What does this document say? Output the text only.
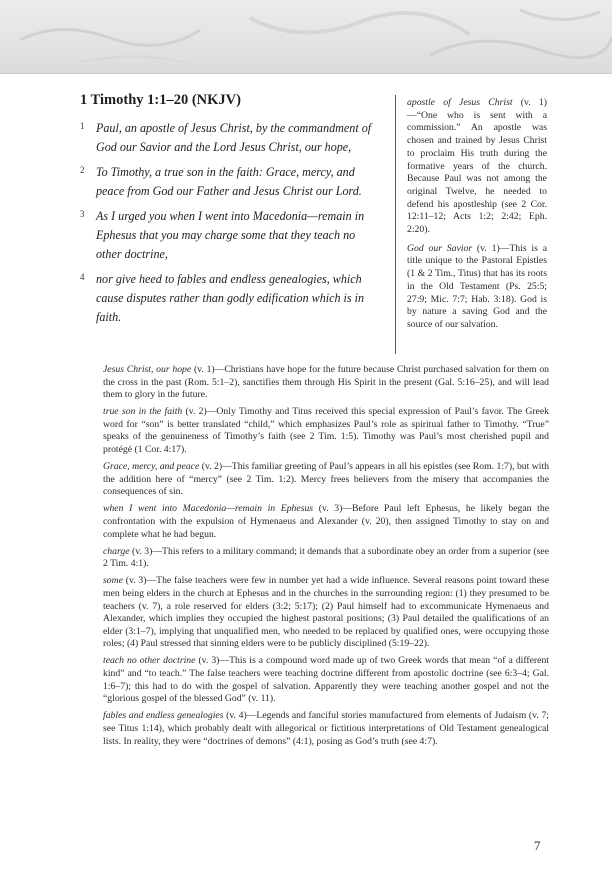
1 Timothy 1:1–20 (NKJV)
1 Paul, an apostle of Jesus Christ, by the commandment of God our Savior and the Lord Jesus Christ, our hope,
2 To Timothy, a true son in the faith: Grace, mercy, and peace from God our Father and Jesus Christ our Lord.
3 As I urged you when I went into Macedonia—remain in Ephesus that you may charge some that they teach no other doctrine,
4 nor give heed to fables and endless genealogies, which cause disputes rather than godly edification which is in faith.

apostle of Jesus Christ (v. 1)—“One who is sent with a commission.” An apostle was chosen and trained by Jesus Christ to proclaim His truth during the formative years of the church. Because Paul was not among the original Twelve, he needed to defend his apostleship (see 2 Cor. 12:11–12; Acts 1:2; 2:42; Eph. 2:20).

God our Savior (v. 1)—This is a title unique to the Pastoral Epistles (1 & 2 Tim., Titus) that has its roots in the Old Testament (Ps. 25:5; 27:9; Mic. 7:7; Hab. 3:18). God is by nature a saving God and the source of our salvation.

Jesus Christ, our hope (v. 1)—Christians have hope for the future because Christ purchased salvation for them on the cross in the past (Rom. 5:1–2), sanctifies them through His Spirit in the present (Gal. 5:16–25), and will lead them to glory in the future.

true son in the faith (v. 2)—Only Timothy and Titus received this special expression of Paul’s favor. The Greek word for “son” is better translated “child,” which emphasizes Paul’s role as spiritual father to Timothy. “True” speaks of the genuineness of Timothy’s faith (see 2 Tim. 1:5). Timothy was Paul’s most cherished pupil and protégé (1 Cor. 4:17).

Grace, mercy, and peace (v. 2)—This familiar greeting of Paul’s appears in all his epistles (see Rom. 1:7), but with the addition here of “mercy” (see 2 Tim. 1:2). Mercy frees believers from the misery that accompanies the consequences of sin.

when I went into Macedonia—remain in Ephesus (v. 3)—Before Paul left Ephesus, he likely began the confrontation with the expulsion of Hymenaeus and Alexander (v. 20), then assigned Timothy to stay on and complete what he had begun.

charge (v. 3)—This refers to a military command; it demands that a subordinate obey an order from a superior (see 2 Tim. 4:1).

some (v. 3)—The false teachers were few in number yet had a wide influence. Several reasons point toward these men being elders in the church at Ephesus and in the churches in the surrounding region: (1) they presumed to be teachers (v. 7), a role reserved for elders (3:2; 5:17); (2) Paul himself had to excommunicate Hymenaeus and Alexander, which implies they occupied the highest pastoral positions; (3) Paul detailed the qualifications of an elder (3:1–7), implying that unqualified men, who needed to be replaced by qualified ones, were occupying those roles; (4) Paul stressed that sinning elders were to be publicly disciplined (5:19–22).

teach no other doctrine (v. 3)—This is a compound word made up of two Greek words that mean “of a different kind” and “to teach.” The false teachers were teaching doctrine different from apostolic doctrine (see 6:3–4; Gal. 1:6–7); this had to do with the gospel of salvation. Apparently they were teaching another gospel and not the “glorious gospel of the blessed God” (v. 11).

fables and endless genealogies (v. 4)—Legends and fanciful stories manufactured from elements of Judaism (v. 7; see Titus 1:14), which probably dealt with allegorical or fictitious interpretations of Old Testament genealogical lists. In reality, they were “doctrines of demons” (4:1), posing as God’s truth (see 4:7).

7
